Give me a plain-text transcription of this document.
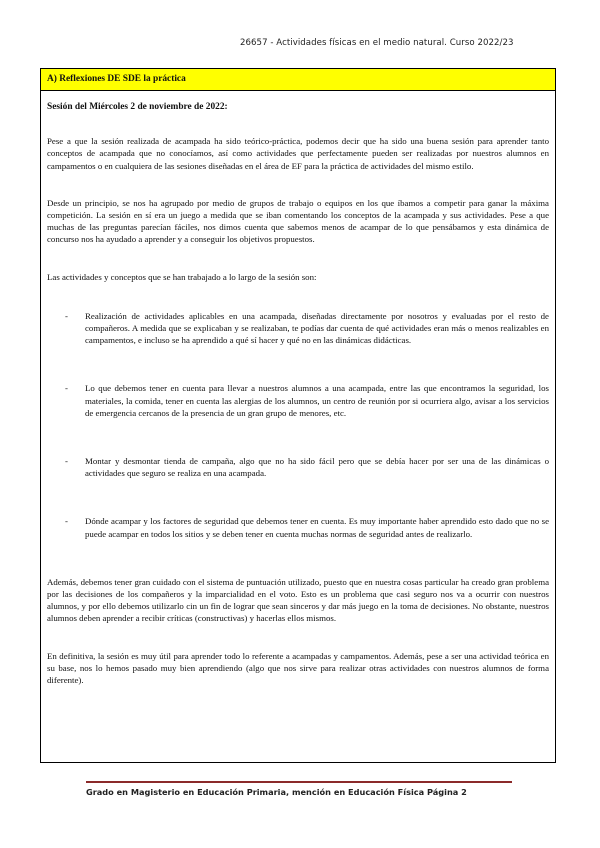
26657 - Actividades físicas en el medio natural. Curso 2022/23
A) Reflexiones DE SDE la práctica

Sesión del Miércoles 2 de noviembre de 2022:

Pese a que la sesión realizada de acampada ha sido teórico-práctica, podemos decir que ha sido una buena sesión para aprender tanto conceptos de acampada que no conocíamos, así como actividades que perfectamente pueden ser realizadas por nuestros alumnos en campamentos o en cualquiera de las sesiones diseñadas en el área de EF para la práctica de actividades del mismo estilo.

Desde un principio, se nos ha agrupado por medio de grupos de trabajo o equipos en los que íbamos a competir para ganar la máxima competición. La sesión en sí era un juego a medida que se iban comentando los conceptos de la acampada y sus actividades. Pese a que muchas de las preguntas parecían fáciles, nos dimos cuenta que sabemos menos de acampar de lo que pensábamos y esta dinámica de concurso nos ha ayudado a aprender y a conseguir los objetivos propuestos.

Las actividades y conceptos que se han trabajado a lo largo de la sesión son:

- Realización de actividades aplicables en una acampada, diseñadas directamente por nosotros y evaluadas por el resto de compañeros. A medida que se explicaban y se realizaban, te podías dar cuenta de qué actividades eran más o menos realizables en campamentos, e incluso se ha aprendido a qué sí hacer y qué no en las dinámicas didácticas.
- Lo que debemos tener en cuenta para llevar a nuestros alumnos a una acampada, entre las que encontramos la seguridad, los materiales, la comida, tener en cuenta las alergias de los alumnos, un centro de reunión por si ocurriera algo, avisar a los servicios de emergencia cercanos de la presencia de un gran grupo de menores, etc.
- Montar y desmontar tienda de campaña, algo que no ha sido fácil pero que se debía hacer por ser una de las dinámicas o actividades que seguro se realiza en una acampada.
- Dónde acampar y los factores de seguridad que debemos tener en cuenta. Es muy importante haber aprendido esto dado que no se puede acampar en todos los sitios y se deben tener en cuenta muchas normas de seguridad antes de realizarlo.

Además, debemos tener gran cuidado con el sistema de puntuación utilizado, puesto que en nuestra cosas particular ha creado gran problema por las decisiones de los compañeros y la imparcialidad en el voto. Esto es un problema que casi seguro nos va a ocurrir con nuestros alumnos, y por ello debemos utilizarlo cin un fin de lograr que sean sinceros y dar más juego en la toma de decisiones. No obstante, nuestros alumnos deben aprender a recibir críticas (constructivas) y hacerlas ellos mismos.

En definitiva, la sesión es muy útil para aprender todo lo referente a acampadas y campamentos. Además, pese a ser una actividad teórica en su base, nos lo hemos pasado muy bien aprendiendo (algo que nos sirve para realizar otras actividades con nuestros alumnos de forma diferente).

Grado en Magisterio en Educación Primaria, mención en Educación Física Página 2
